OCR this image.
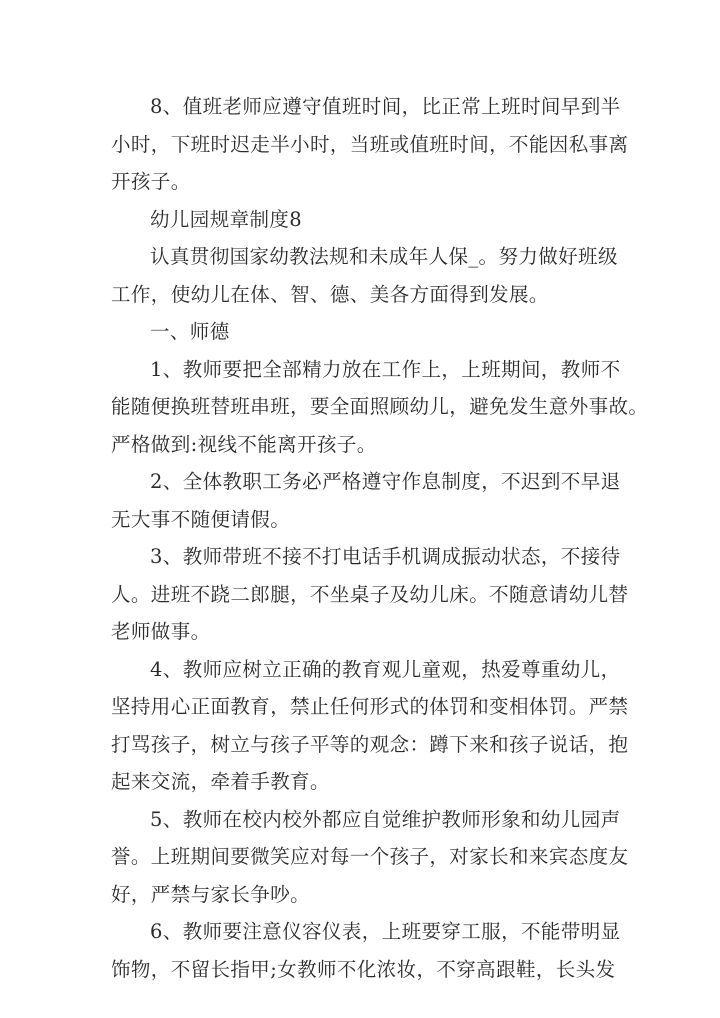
8、值班老师应遵守值班时间，比正常上班时间早到半
小时，下班时迟走半小时，当班或值班时间，不能因私事离
开孩子。
幼儿园规章制度8
认真贯彻国家幼教法规和未成年人保_。努力做好班级
工作，使幼儿在体、智、德、美各方面得到发展。
一、师德
1、教师要把全部精力放在工作上，上班期间，教师不
能随便换班替班串班，要全面照顾幼儿，避免发生意外事故。
严格做到:视线不能离开孩子。
2、全体教职工务必严格遵守作息制度，不迟到不早退
无大事不随便请假。
3、教师带班不接不打电话手机调成振动状态，不接待
人。进班不跷二郎腿，不坐桌子及幼儿床。不随意请幼儿替
老师做事。
4、教师应树立正确的教育观儿童观，热爱尊重幼儿，
坚持用心正面教育，禁止任何形式的体罚和变相体罚。严禁
打骂孩子，树立与孩子平等的观念：蹲下来和孩子说话，抱
起来交流，牵着手教育。
5、教师在校内校外都应自觉维护教师形象和幼儿园声
誉。上班期间要微笑应对每一个孩子，对家长和来宾态度友
好，严禁与家长争吵。
6、教师要注意仪容仪表，上班要穿工服，不能带明显
饰物，不留长指甲;女教师不化浓妆，不穿高跟鞋，长头发
